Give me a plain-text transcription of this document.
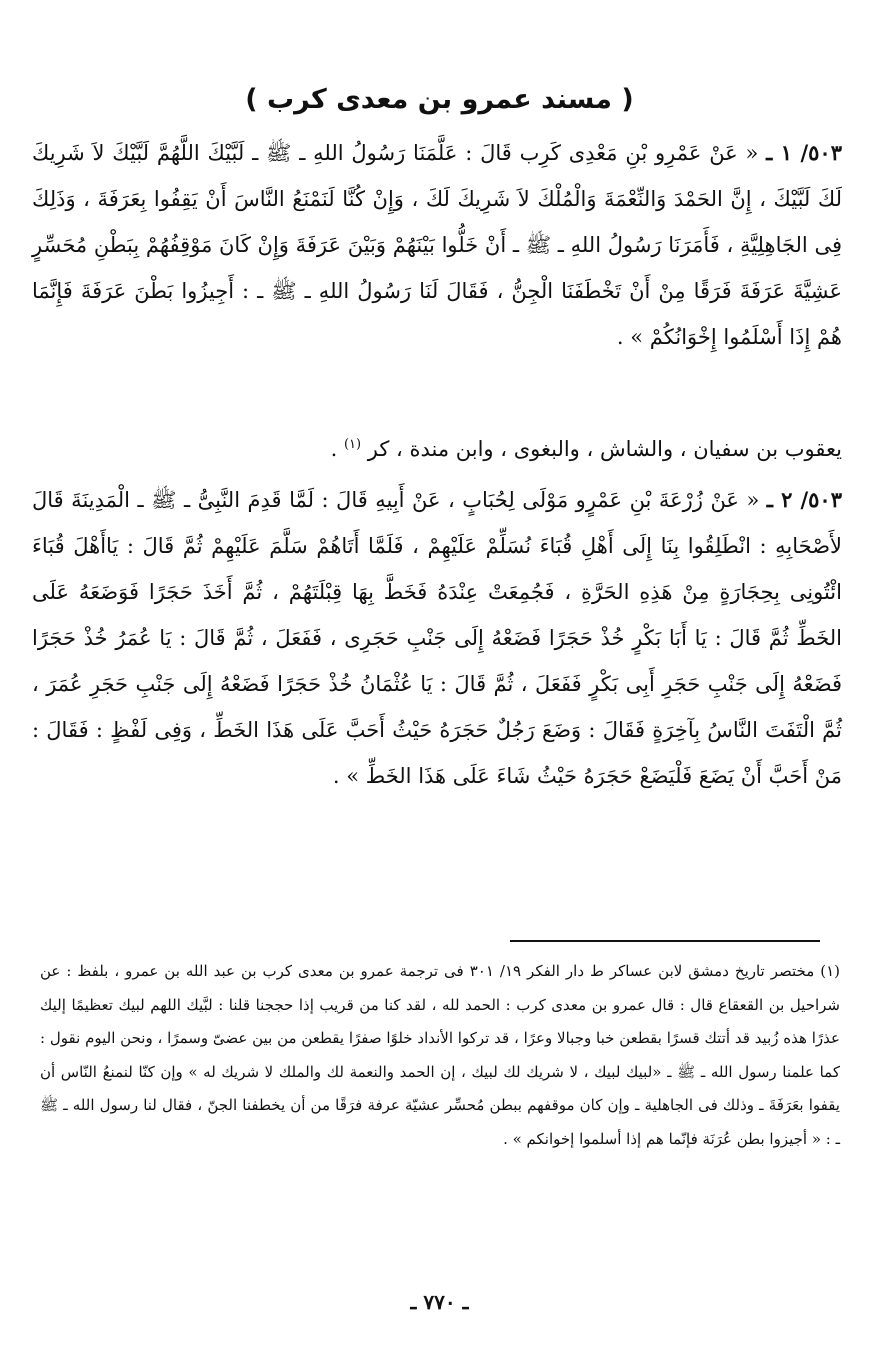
( مسند عمرو بن معدى كرب )
٥٠٣/ ١ ـ « عَنْ عَمْرِو بْنِ مَعْدِى كَرِب قَالَ : عَلَّمَنَا رَسُولُ اللهِ ـ ﷺ ـ لَبَّيْكَ اللَّهُمَّ لَبَّيْكَ لاَ شَرِيكَ لَكَ لَبَّيْكَ ، إِنَّ الحَمْدَ وَالنِّعْمَةَ وَالْمُلْكَ لاَ شَرِيكَ لَكَ ، وَإِنْ كُنَّا لَنَمْنَعُ النَّاسَ أَنْ يَقِفُوا بِعَرَفَةَ ، وَذَلِكَ فِى الجَاهِلِيَّةِ ، فَأَمَرَنَا رَسُولُ اللهِ ـ ﷺ ـ أَنْ خَلُّوا بَيْنَهُمْ وَبَيْنَ عَرَفَةَ وَإِنْ كَانَ مَوْقِفُهُمْ بِبَطْنِ مُحَسِّرٍ عَشِيَّةَ عَرَفَةَ فَرَقًا مِنْ أَنْ تَخْطَفَنَا الْجِنُّ ، فَقَالَ لَنَا رَسُولُ اللهِ ـ ﷺ ـ : أَجِيزُوا بَطْنَ عَرَفَةَ فَإِنَّمَا هُمْ إِذَا أَسْلَمُوا إِخْوَانُكُمْ » .
يعقوب بن سفيان ، والشاش ، والبغوى ، وابن مندة ، كر $^{(١)}$ .
٥٠٣/ ٢ ـ « عَنْ زُرْعَةَ بْنِ عَمْرٍو مَوْلَى لِحُبَابٍ ، عَنْ أَبِيهِ قَالَ : لَمَّا قَدِمَ النَّبِىُّ ـ ﷺ ـ الْمَدِينَةَ قَالَ لأَصْحَابِهِ : انْطَلِقُوا بِنَا إِلَى أَهْلِ قُبَاءَ نُسَلِّمْ عَلَيْهِمْ ، فَلَمَّا أَتَاهُمْ سَلَّمَ عَلَيْهِمْ ثُمَّ قَالَ : يَاأَهْلَ قُبَاءَ ائْتُونِى بِحِجَارَةٍ مِنْ هَذِهِ الحَرَّةِ ، فَجُمِعَتْ عِنْدَهُ فَخَطَّ بِهَا قِبْلَتَهُمْ ، ثُمَّ أَخَذَ حَجَرًا فَوَضَعَهُ عَلَى الخَطِّ ثُمَّ قَالَ : يَا أَبَا بَكْرٍ خُذْ حَجَرًا فَضَعْهُ إِلَى جَنْبِ حَجَرِى ، فَفَعَلَ ، ثُمَّ قَالَ : يَا عُمَرُ خُذْ حَجَرًا فَضَعْهُ إِلَى جَنْبِ حَجَرِ أَبِى بَكْرٍ فَفَعَلَ ، ثُمَّ قَالَ : يَا عُثْمَانُ خُذْ حَجَرًا فَضَعْهُ إِلَى جَنْبِ حَجَرِ عُمَرَ ، ثُمَّ الْتَفَتَ النَّاسُ بِآخِرَةٍ فَقَالَ : وَضَعَ رَجُلٌ حَجَرَهُ حَيْثُ أَحَبَّ عَلَى هَذَا الخَطِّ ، وَفِى لَفْظٍ : فَقَالَ : مَنْ أَحَبَّ أَنْ يَضَعَ فَلْيَضَعْ حَجَرَهُ حَيْثُ شَاءَ عَلَى هَذَا الخَطِّ » .
(١) مختصر تاريخ دمشق لابن عساكر ط دار الفكر ١٩/ ٣٠١ فى ترجمة عمرو بن معدى كرب بن عبد الله بن عمرو ، بلفظ : عن شراحيل بن القعقاع قال : قال عمرو بن معدى كرب : الحمد لله ، لقد كنا من قريب إذا حججنا قلنا : لبَّيك اللهم لبيك تعظيمًا إليك عذرًا هذه زُبيد قد أتتك قسرًا بقطعن خبا وجبالا وعرًا ، قد تركوا الأنداد خلوًا صفرًا يقطعن من بين عضىّ وسمرًا ، ونحن اليوم نقول : كما علمنا رسول الله ـ ﷺ ـ «لبيك لبيك ، لا شريك لك لبيك ، إن الحمد والنعمة لك والملك لا شريك له » وإن كنّا لنمنعُ النّاس أن يقفوا بعَرَفَةَ ـ وذلك فى الجاهلية ـ وإن كان موقفهم ببطن مُحسِّر عشيّة عرفة فرَقًا من أن يخطفنا الجنّ ، فقال لنا رسول الله ـ ﷺ ـ : « أجيزوا بطن عُرَنَة فإنّما هم إذا أسلموا إخوانكم » .
ـ ٧٧٠ ـ
